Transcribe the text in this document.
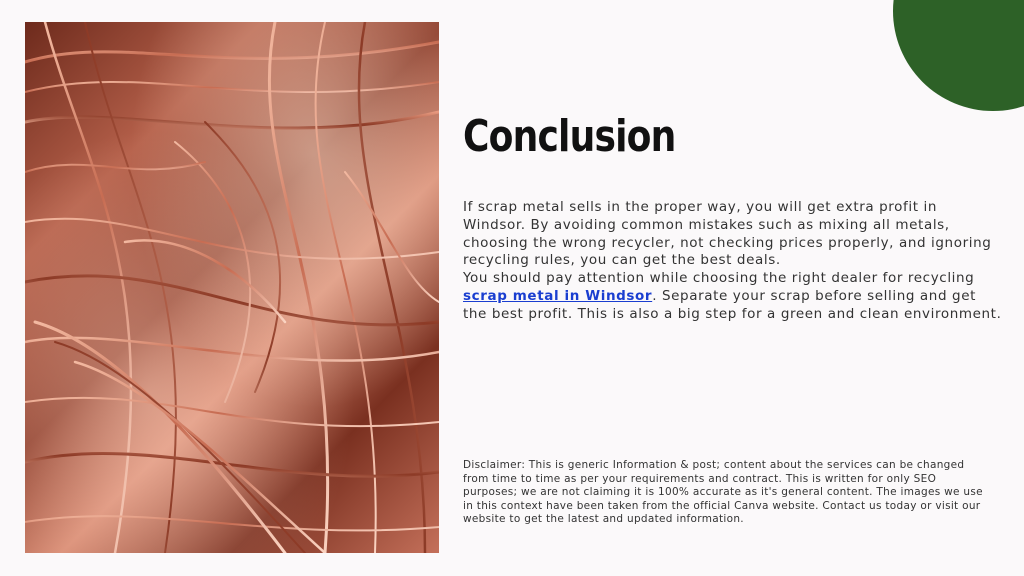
Conclusion

If scrap metal sells in the proper way, you will get extra profit in Windsor. By avoiding common mistakes such as mixing all metals, choosing the wrong recycler, not checking prices properly, and ignoring recycling rules, you can get the best deals.

You should pay attention while choosing the right dealer for recycling scrap metal in Windsor. Separate your scrap before selling and get the best profit. This is also a big step for a green and clean environment.

Disclaimer: This is generic Information & post; content about the services can be changed from time to time as per your requirements and contract. This is written for only SEO purposes; we are not claiming it is 100% accurate as it's general content. The images we use in this context have been taken from the official Canva website. Contact us today or visit our website to get the latest and updated information.
